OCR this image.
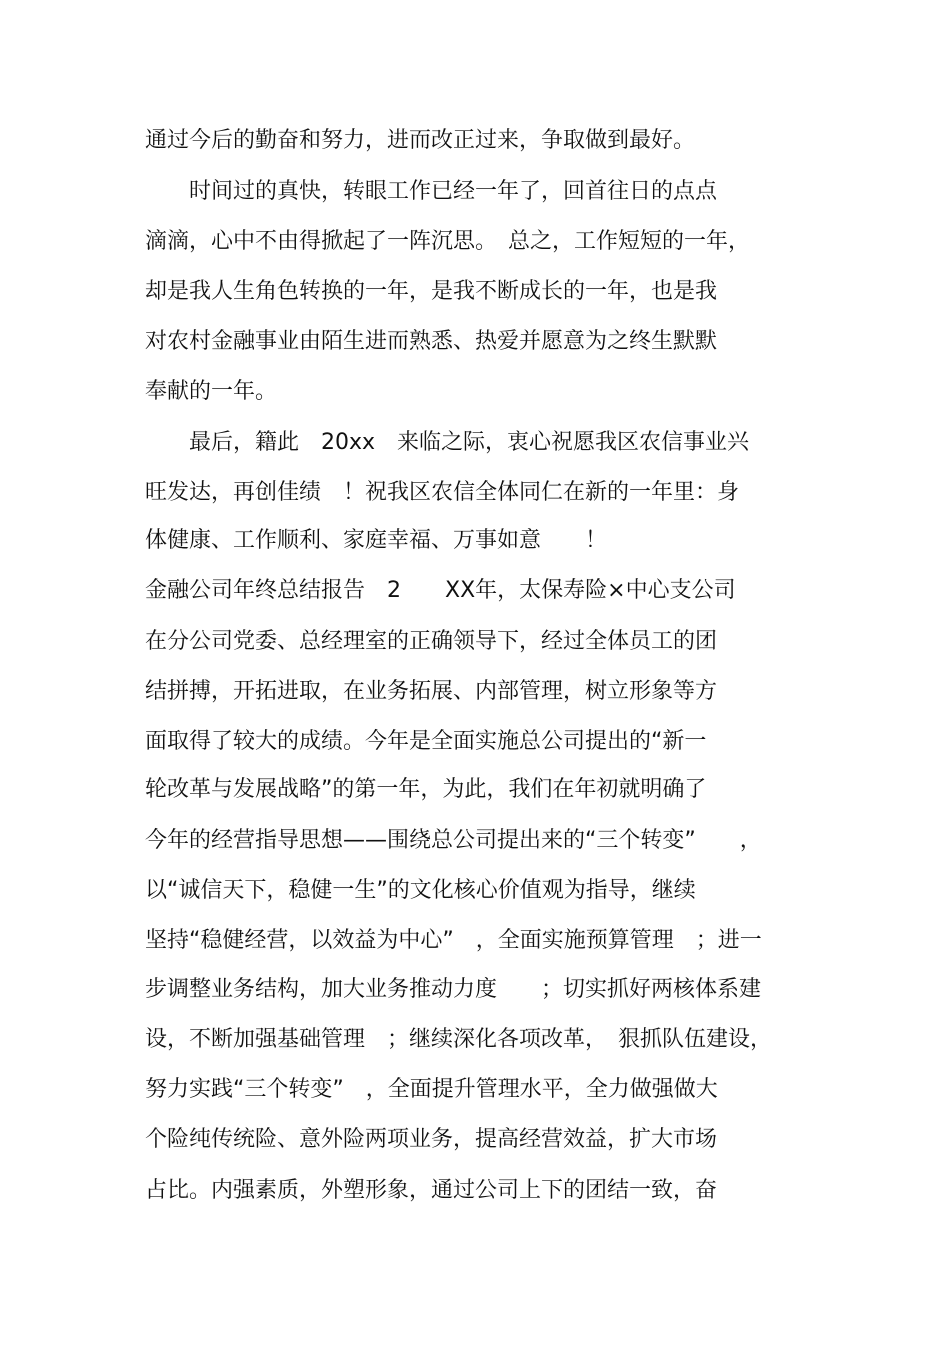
通过今后的勤奋和努力，进而改正过来，争取做到最好。
　　时间过的真快，转眼工作已经一年了，回首往日的点点
滴滴，心中不由得掀起了一阵沉思。　总之，工作短短的一年，
却是我人生角色转换的一年，是我不断成长的一年，也是我
对农村金融事业由陌生进而熟悉、热爱并愿意为之终生默默
奉献的一年。
　　最后，籍此　20xx　来临之际，衷心祝愿我区农信事业兴
旺发达，再创佳绩　！祝我区农信全体同仁在新的一年里：身
体健康、工作顺利、家庭幸福、万事如意　　！
金融公司年终总结报告　2　　XX年，太保寿险×中心支公司
在分公司党委、总经理室的正确领导下，经过全体员工的团
结拼搏，开拓进取，在业务拓展、内部管理，树立形象等方
面取得了较大的成绩。今年是全面实施总公司提出的“新一
轮改革与发展战略”的第一年，为此，我们在年初就明确了
今年的经营指导思想——围绕总公司提出来的“三个转变”　　，
以“诚信天下，稳健一生”的文化核心价值观为指导，继续
坚持“稳健经营，以效益为中心”　，全面实施预算管理　；进一
步调整业务结构，加大业务推动力度　　；切实抓好两核体系建
设，不断加强基础管理　；继续深化各项改革，　狠抓队伍建设，
努力实践“三个转变”　，全面提升管理水平，全力做强做大
个险纯传统险、意外险两项业务，提高经营效益，扩大市场
占比。内强素质，外塑形象，通过公司上下的团结一致，奋
